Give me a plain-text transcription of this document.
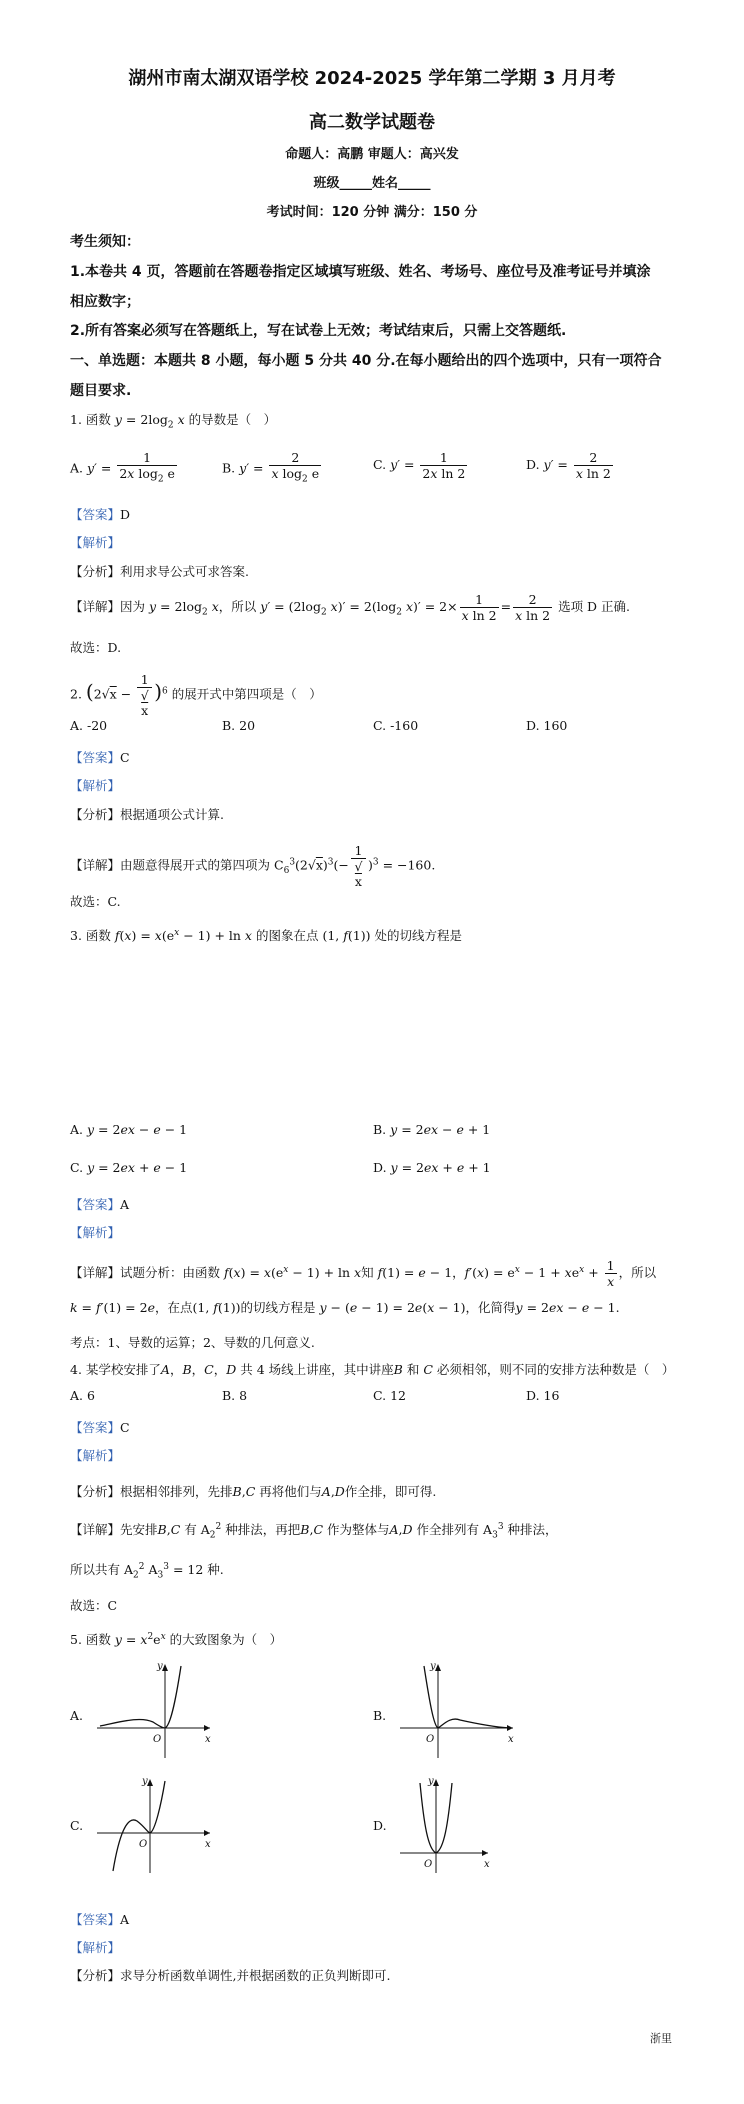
湖州市南太湖双语学校 2024-2025 学年第二学期 3 月月考
高二数学试题卷
命题人：高鹏 审题人：高兴发
班级_____姓名_____
考试时间：120 分钟 满分：150 分
考生须知：
1.本卷共 4 页，答题前在答题卷指定区域填写班级、姓名、考场号、座位号及准考证号并填涂
相应数字；
2.所有答案必须写在答题纸上，写在试卷上无效；考试结束后，只需上交答题纸.
一、单选题：本题共 8 小题，每小题 5 分共 40 分.在每小题给出的四个选项中，只有一项符合
题目要求.
1. 函数 $y = 2\log_2$ x 的导数是（　）
A. $y' = \frac{1}{2x \log_2 e}$	B. $y' = \frac{2}{x \log_2 e}$	C. $y' = \frac{1}{\text{2x ln 2}}$	D. $y' = \frac{2}{\text{x ln 2}}$
【答案】D
【解析】
【分析】利用求导公式可求答案.
【详解】因为 $y = 2\log_2$ x，所以 $y' = (2\log_2$ $x)' = 2(\log_2$ $x)' = 2\times \frac{1}{\text{x ln 2}} = \frac{2}{\text{x ln 2}}$ 选项 D 正确.
故选：D.
2. (2√x − 1
√
x )$^6$ 的展开式中第四项是（　）
A. -20	B. 20	C. -160	D. 160
【答案】C
【解析】
【分析】根据通项公式计算.
【详解】由题意得展开式的第四项为 $C_6^3(2√x)^3(- 1$
√
x )$^3$ = −160.
故选：C.
3. 函数 $f(x) = x(e^x - 1) + \ln x$ 的图象在点 (1, f(1)) 处的切线方程是
A. y = 2ex − e − 1	B. y = 2ex − e + 1
C. y = 2ex + e − 1	D. y = 2ex + e + 1
【答案】A
【解析】
【详解】试题分析：由函数 $f(x) = x(e^x - 1) + \ln x$知 f(1) = e − 1，$f'(x) = e^x - 1 + xe^x + \frac{1}{x}$ ，所以
k = f′(1) = 2e，在点(1, f(1))的切线方程是 y − (e − 1) = 2e(x − 1)，化简得y = 2ex − e − 1.
考点：1、导数的运算；2、导数的几何意义.
4. 某学校安排了A，B，C，D 共 4 场线上讲座，其中讲座B 和 C 必须相邻，则不同的安排方法种数是（　）
A. 6	B. 8	C. 12	D. 16
【答案】C
【解析】
【分析】根据相邻排列，先排B,C 再将他们与A,D作全排，即可得.
【详解】先安排B,C 有 $A_2^2$ 种排法，再把B,C 作为整体与A,D 作全排列有 $A_3^3$ 种排法，
所以共有 $A_2^2$ $A_3^3 = 12$ 种.
故选：C
5. 函数 $y = x^2e^x$ 的大致图象为（　）
A.
y
x
O
B.
y
x
O
C.
y
x
O
D.
y
x
O
【答案】A
【解析】
【分析】求导分析函数单调性,并根据函数的正负判断即可.
浙里
